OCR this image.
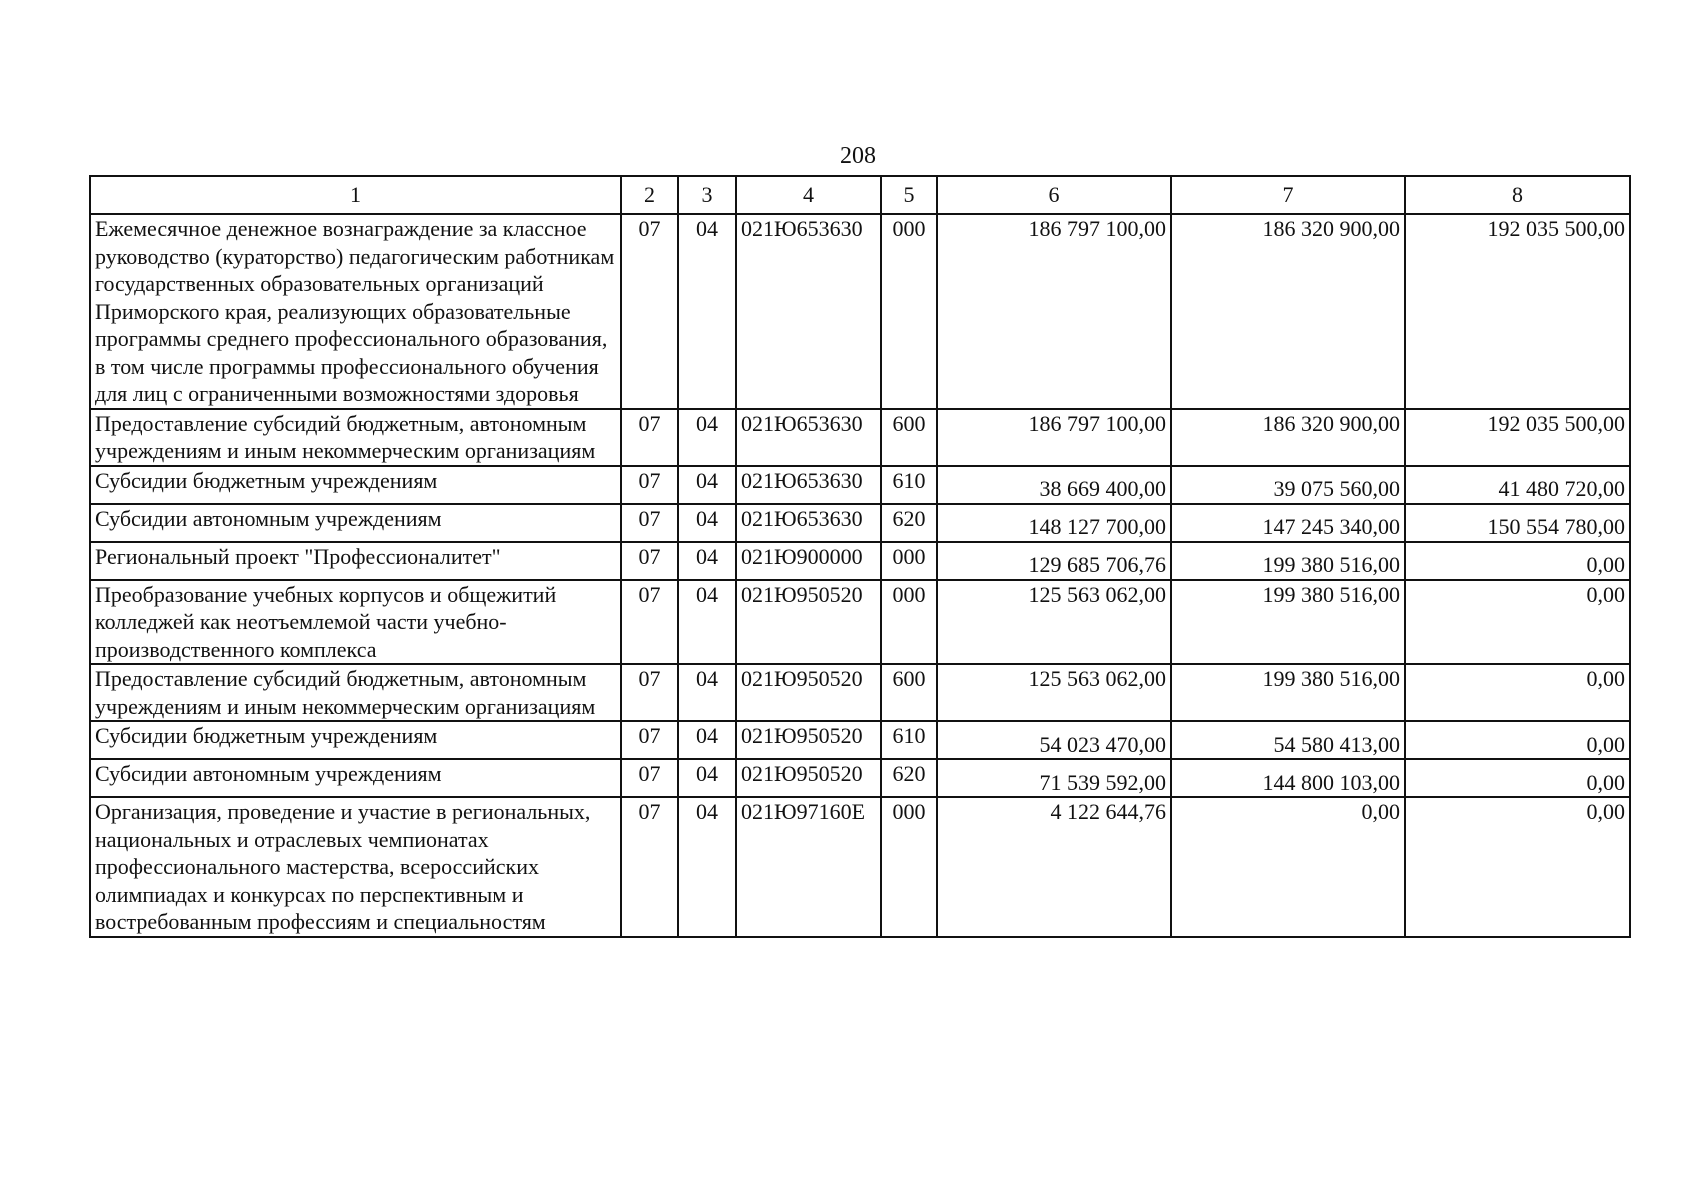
208
1	2	3	4	5	6	7	8
Ежемесячное денежное вознаграждение за классное руководство (кураторство) педагогическим работникам государственных образовательных организаций Приморского края, реализующих образовательные программы среднего профессионального образования, в том числе программы профессионального обучения для лиц с ограниченными возможностями здоровья	07	04	021Ю653630	000	186 797 100,00	186 320 900,00	192 035 500,00
Предоставление субсидий бюджетным, автономным учреждениям и иным некоммерческим организациям	07	04	021Ю653630	600	186 797 100,00	186 320 900,00	192 035 500,00
Субсидии бюджетным учреждениям	07	04	021Ю653630	610	38 669 400,00	39 075 560,00	41 480 720,00
Субсидии автономным учреждениям	07	04	021Ю653630	620	148 127 700,00	147 245 340,00	150 554 780,00
Региональный проект "Профессионалитет"	07	04	021Ю900000	000	129 685 706,76	199 380 516,00	0,00
Преобразование учебных корпусов и общежитий колледжей как неотъемлемой части учебно-производственного комплекса	07	04	021Ю950520	000	125 563 062,00	199 380 516,00	0,00
Предоставление субсидий бюджетным, автономным учреждениям и иным некоммерческим организациям	07	04	021Ю950520	600	125 563 062,00	199 380 516,00	0,00
Субсидии бюджетным учреждениям	07	04	021Ю950520	610	54 023 470,00	54 580 413,00	0,00
Субсидии автономным учреждениям	07	04	021Ю950520	620	71 539 592,00	144 800 103,00	0,00
Организация, проведение и участие в региональных, национальных и отраслевых чемпионатах профессионального мастерства, всероссийских олимпиадах и конкурсах по перспективным и востребованным профессиям и специальностям	07	04	021Ю97160Е	000	4 122 644,76	0,00	0,00
